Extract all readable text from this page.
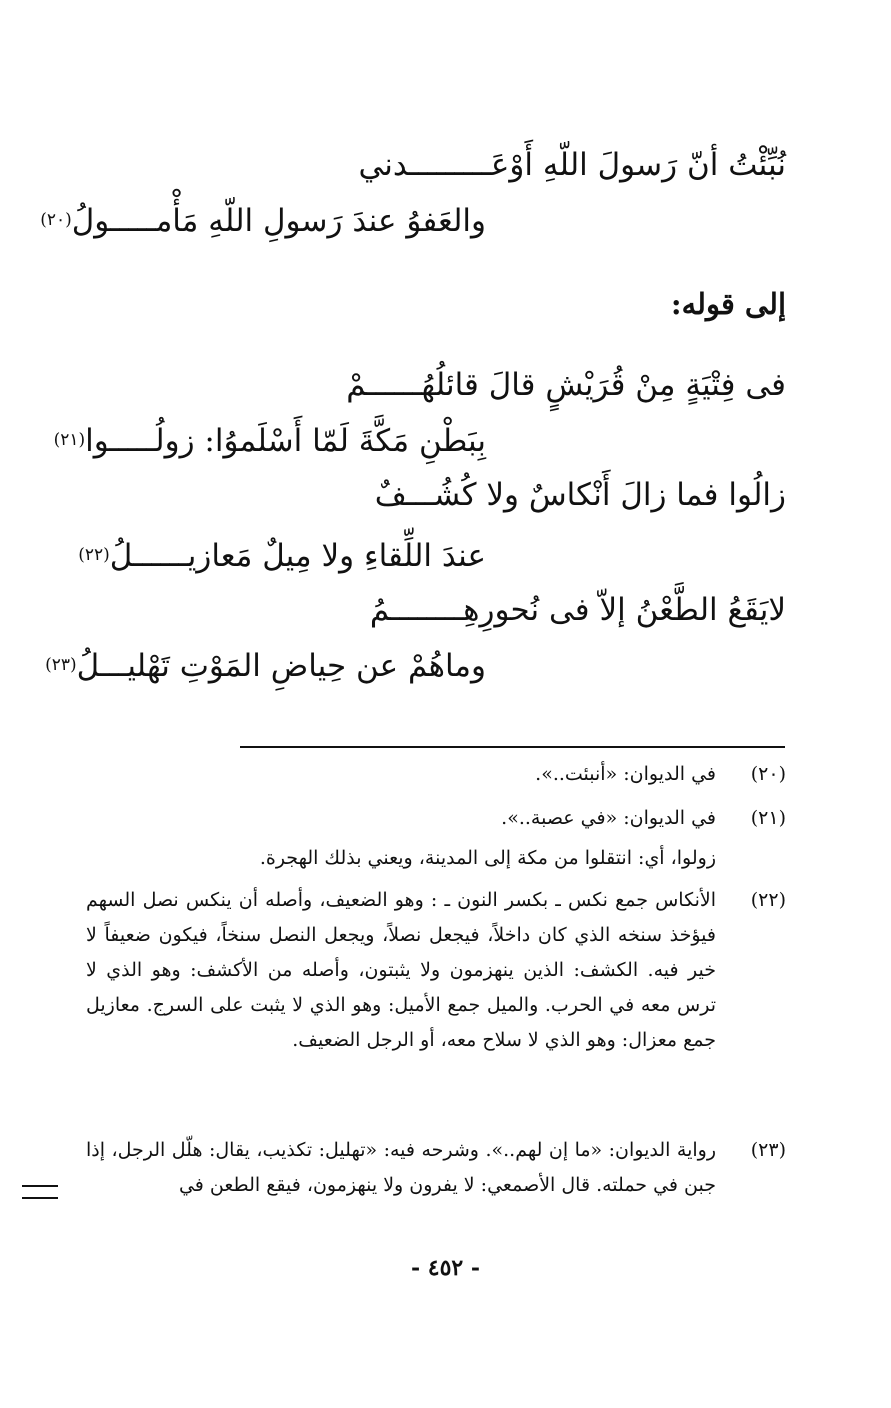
نُبِّئْتُ أنّ رَسولَ اللّهِ أَوْعَـــــــــدني
والعَفوُ عندَ رَسولِ اللّهِ مَأْمـــــولُ$^{(٢٠)}$
إلى قوله:
فى فِتْيَةٍ مِنْ قُرَيْشٍ قالَ قائلُهُــــــمْ
بِبَطْنِ مَكَّةَ لَمّا أَسْلَموُا: زولُـــــوا$^{(٢١)}$
زالُوا فما زالَ أَنْكاسٌ ولا كُشُـــفٌ
عندَ اللِّقاءِ ولا مِيلٌ مَعازيــــــلُ$^{(٢٢)}$
لايَقَعُ الطَّعْنُ إلاّ فى نُحورِهِــــــــمُ
وماهُمْ عن حِياضِ المَوْتِ تَهْليـــلُ$^{(٢٣)}$
(٢٠)
في الديوان: «أنبئت..».
(٢١)
في الديوان: «في عصبة..».
زولوا، أي: انتقلوا من مكة إلى المدينة، ويعني بذلك الهجرة.
(٢٢)
الأنكاس جمع نكس ـ بكسر النون ـ : وهو الضعيف، وأصله أن ينكس نصل السهم فيؤخذ سنخه الذي كان داخلاً، فيجعل نصلاً، ويجعل النصل سنخاً، فيكون ضعيفاً لا خير فيه. الكشف: الذين ينهزمون ولا يثبتون، وأصله من الأكشف: وهو الذي لا ترس معه في الحرب. والميل جمع الأميل: وهو الذي لا يثبت على السرج. معازيل جمع معزال: وهو الذي لا سلاح معه، أو الرجل الضعيف.
(٢٣)
رواية الديوان: «ما إن لهم..». وشرحه فيه: «تهليل: تكذيب، يقال: هلّل الرجل، إذا جبن في حملته. قال الأصمعي: لا يفرون ولا ينهزمون، فيقع الطعن في
- ٤٥٢ -
